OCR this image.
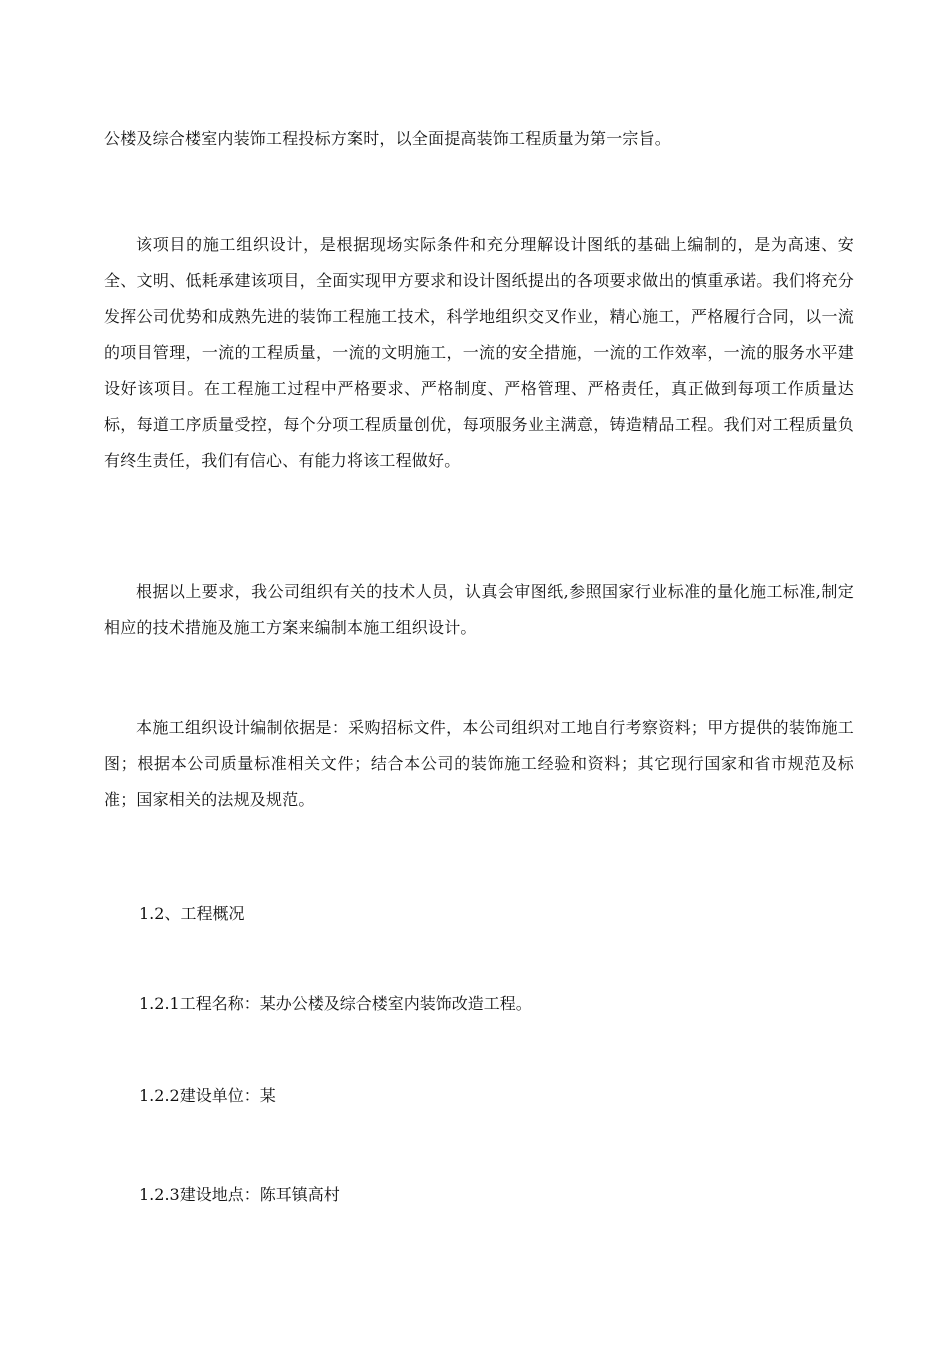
公楼及综合楼室内装饰工程投标方案时，以全面提高装饰工程质量为第一宗旨。

该项目的施工组织设计，是根据现场实际条件和充分理解设计图纸的基础上编制的，是为高速、安全、文明、低耗承建该项目，全面实现甲方要求和设计图纸提出的各项要求做出的慎重承诺。我们将充分发挥公司优势和成熟先进的装饰工程施工技术，科学地组织交叉作业，精心施工，严格履行合同，以一流的项目管理，一流的工程质量，一流的文明施工，一流的安全措施，一流的工作效率，一流的服务水平建设好该项目。在工程施工过程中严格要求、严格制度、严格管理、严格责任，真正做到每项工作质量达标，每道工序质量受控，每个分项工程质量创优，每项服务业主满意，铸造精品工程。我们对工程质量负有终生责任，我们有信心、有能力将该工程做好。

根据以上要求，我公司组织有关的技术人员，认真会审图纸,参照国家行业标准的量化施工标准,制定相应的技术措施及施工方案来编制本施工组织设计。

本施工组织设计编制依据是：采购招标文件，本公司组织对工地自行考察资料；甲方提供的装饰施工图；根据本公司质量标准相关文件；结合本公司的装饰施工经验和资料；其它现行国家和省市规范及标准；国家相关的法规及规范。

1.2、工程概况

1.2.1工程名称：某办公楼及综合楼室内装饰改造工程。

1.2.2建设单位：某

1.2.3建设地点：陈耳镇高村
